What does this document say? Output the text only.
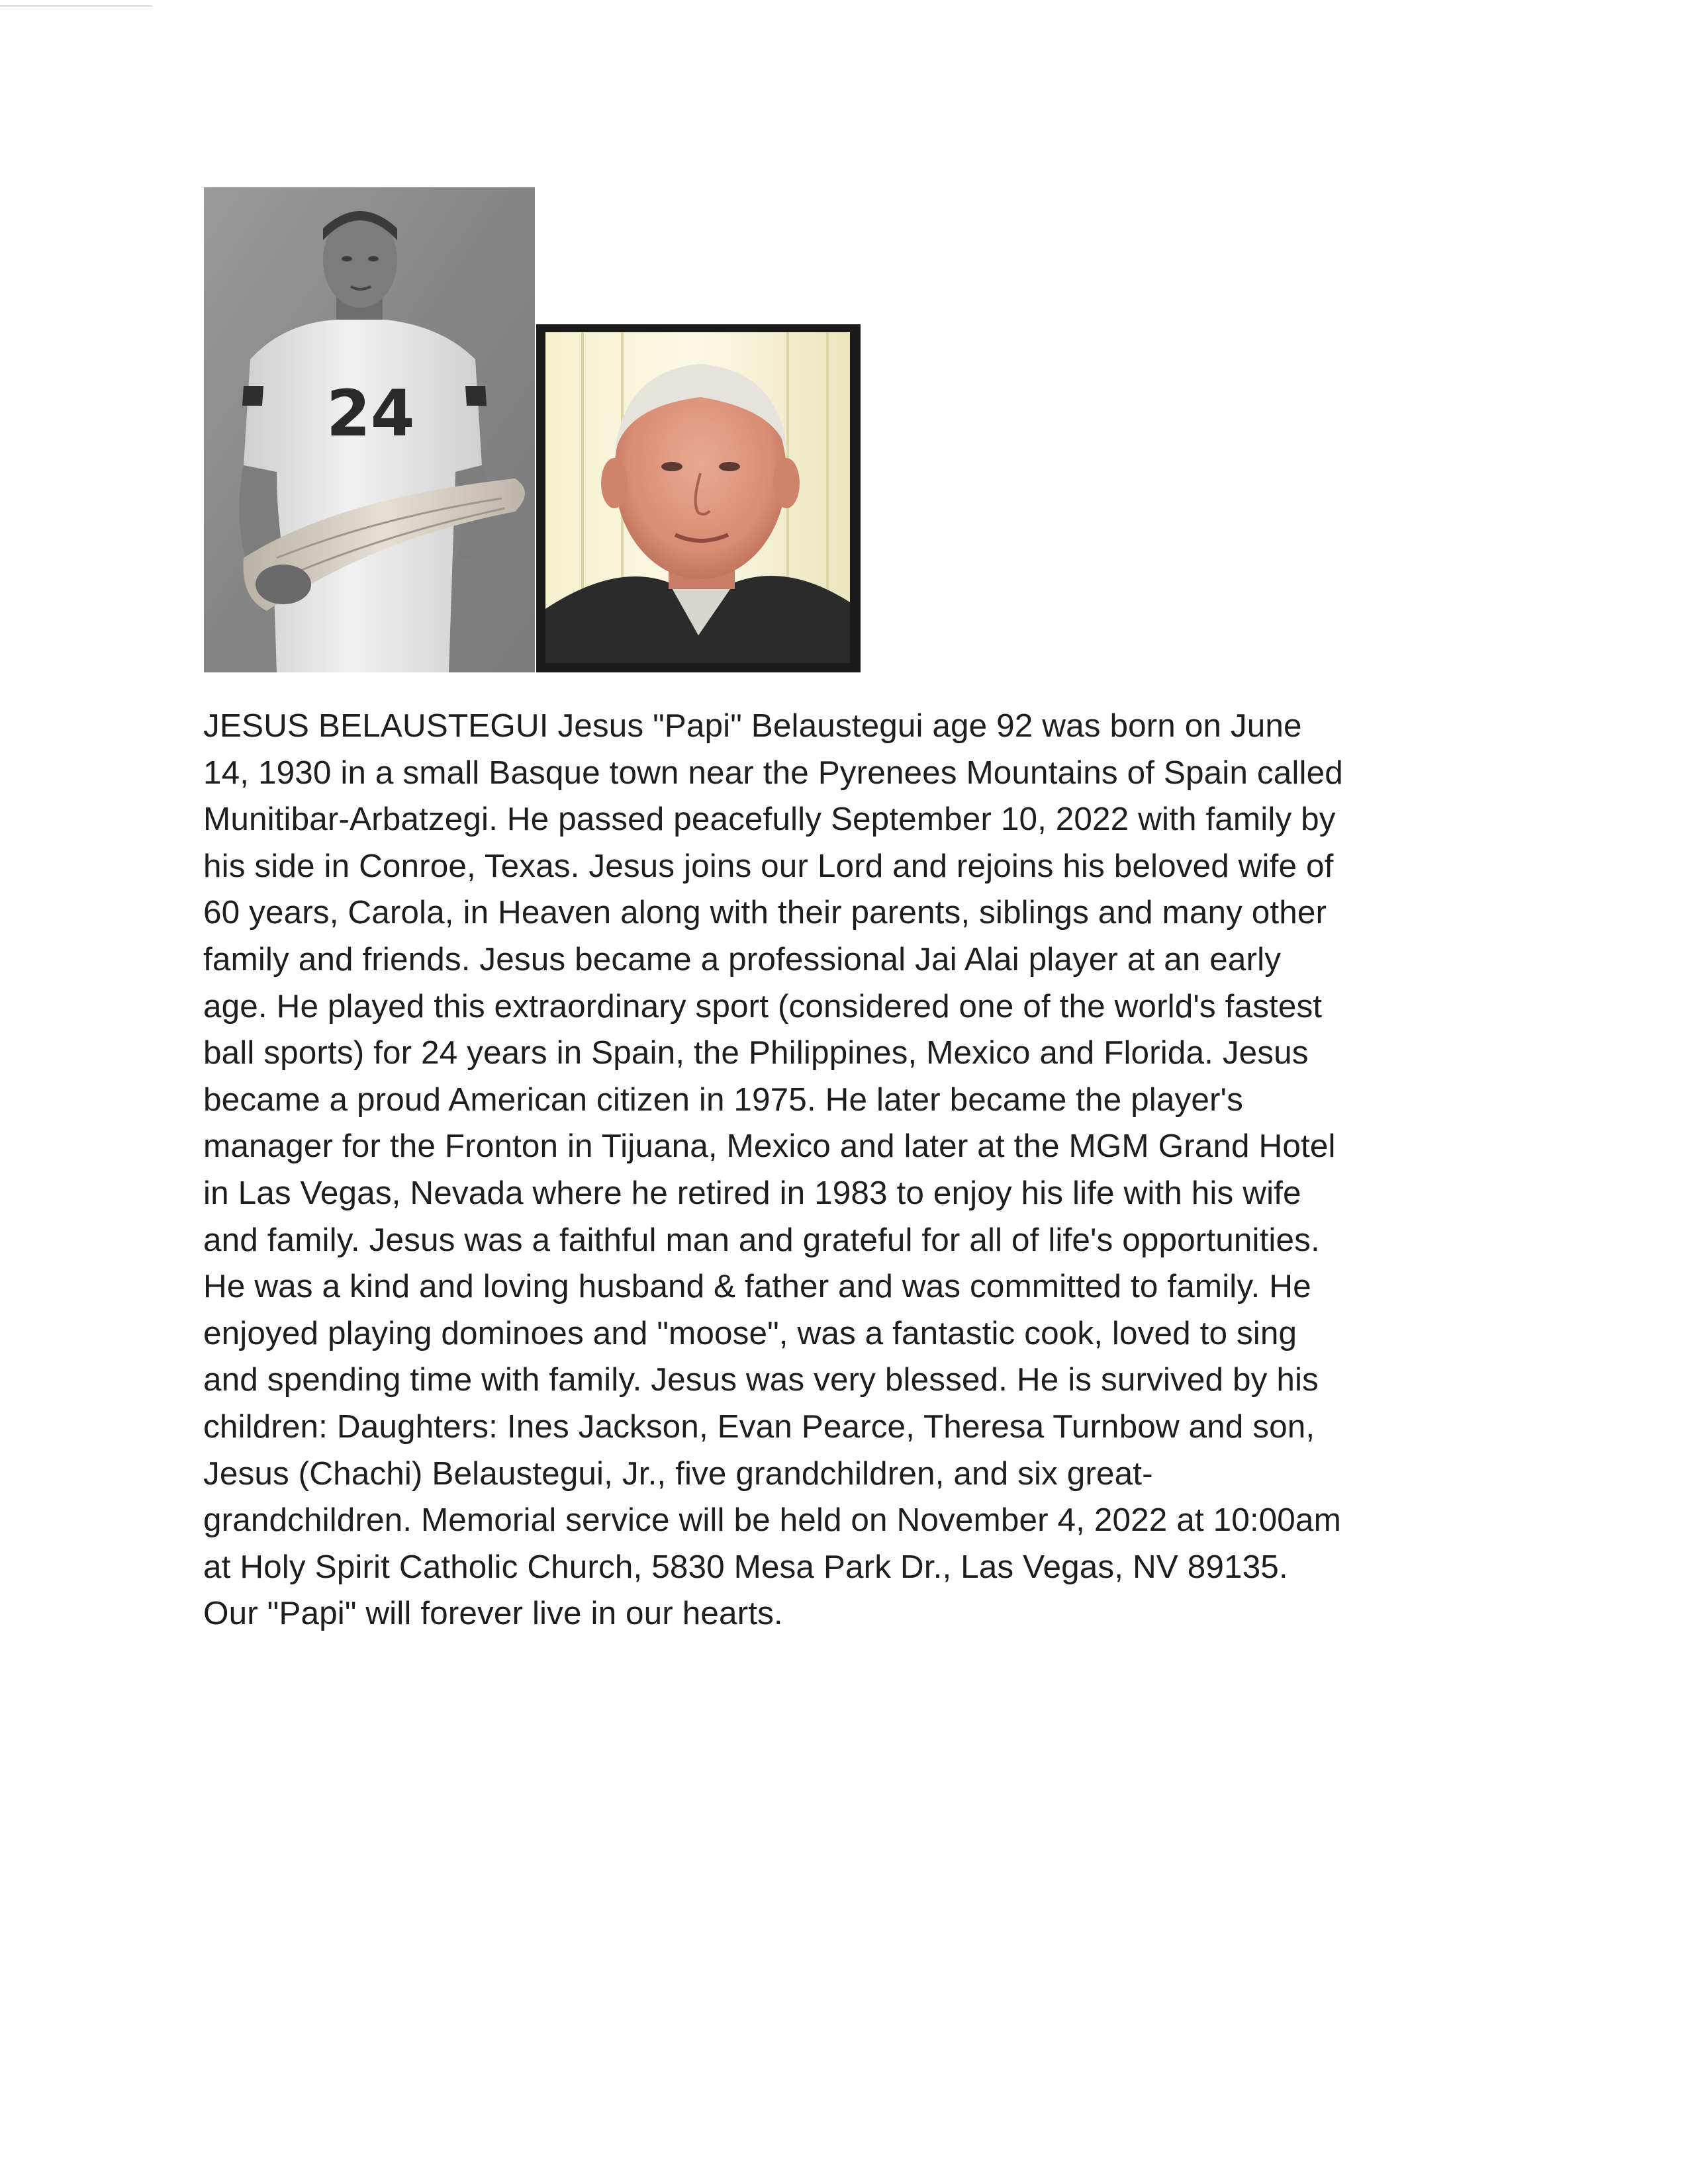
24

JESUS BELAUSTEGUI Jesus "Papi" Belaustegui age 92 was born on June
14, 1930 in a small Basque town near the Pyrenees Mountains of Spain called
Munitibar-Arbatzegi. He passed peacefully September 10, 2022 with family by
his side in Conroe, Texas. Jesus joins our Lord and rejoins his beloved wife of
60 years, Carola, in Heaven along with their parents, siblings and many other
family and friends. Jesus became a professional Jai Alai player at an early
age. He played this extraordinary sport (considered one of the world's fastest
ball sports) for 24 years in Spain, the Philippines, Mexico and Florida. Jesus
became a proud American citizen in 1975. He later became the player's
manager for the Fronton in Tijuana, Mexico and later at the MGM Grand Hotel
in Las Vegas, Nevada where he retired in 1983 to enjoy his life with his wife
and family. Jesus was a faithful man and grateful for all of life's opportunities.
He was a kind and loving husband & father and was committed to family. He
enjoyed playing dominoes and "moose", was a fantastic cook, loved to sing
and spending time with family. Jesus was very blessed. He is survived by his
children: Daughters: Ines Jackson, Evan Pearce, Theresa Turnbow and son,
Jesus (Chachi) Belaustegui, Jr., five grandchildren, and six great-
grandchildren. Memorial service will be held on November 4, 2022 at 10:00am
at Holy Spirit Catholic Church, 5830 Mesa Park Dr., Las Vegas, NV 89135.
Our "Papi" will forever live in our hearts.
